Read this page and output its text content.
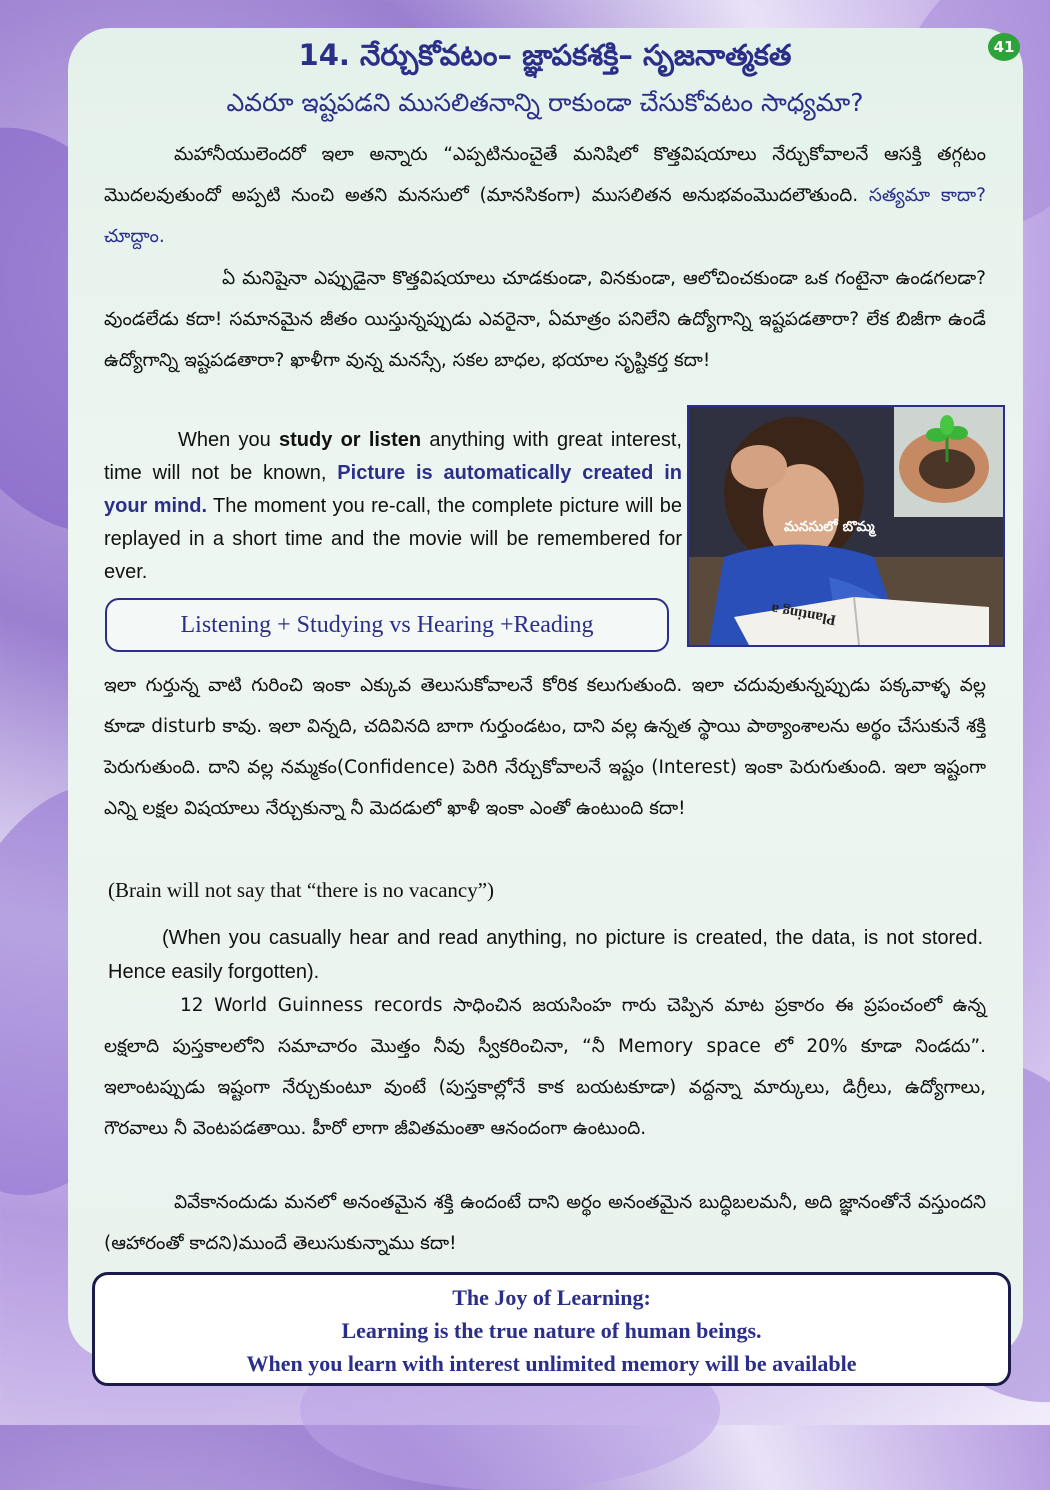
41
14. నేర్చుకోవటం– జ్ఞాపకశక్తి– సృజనాత్మకత
ఎవరూ ఇష్టపడని ముసలితనాన్ని రాకుండా చేసుకోవటం సాధ్యమా?

మహానీయులెందరో ఇలా అన్నారు “ఎప్పటినుంచైతే మనిషిలో కొత్తవిషయాలు నేర్చుకోవాలనే ఆసక్తి తగ్గటం మొదలవుతుందో అప్పటి నుంచి అతని మనసులో (మానసికంగా) ముసలితన అనుభవంమొదలౌతుంది. సత్యమా కాదా? చూద్దాం.

ఏ మనిషైనా ఎప్పుడైనా కొత్తవిషయాలు చూడకుండా, వినకుండా, ఆలోచించకుండా ఒక గంటైనా ఉండగలడా? వుండలేడు కదా! సమానమైన జీతం యిస్తున్నప్పుడు ఎవరైనా, ఏమాత్రం పనిలేని ఉద్యోగాన్ని ఇష్టపడతారా? లేక బిజీగా ఉండే ఉద్యోగాన్ని ఇష్టపడతారా? ఖాళీగా వున్న మనస్సే, సకల బాధల, భయాల సృష్టికర్త కదా!

When you study or listen anything with great interest, time will not be known, Picture is automatically created in your mind. The moment you re-call, the complete picture will be replayed in a short time and the movie will be remembered for ever.

మనసులో బొమ్మ
Planting a
Listening + Studying vs Hearing +Reading

ఇలా గుర్తున్న వాటి గురించి ఇంకా ఎక్కువ తెలుసుకోవాలనే కోరిక కలుగుతుంది. ఇలా చదువుతున్నప్పుడు పక్కవాళ్ళ వల్ల కూడా disturb కావు. ఇలా విన్నది, చదివినది బాగా గుర్తుండటం, దాని వల్ల ఉన్నత స్థాయి పాఠ్యాంశాలను అర్థం చేసుకునే శక్తి పెరుగుతుంది. దాని వల్ల నమ్మకం(Confidence) పెరిగి నేర్చుకోవాలనే ఇష్టం (Interest) ఇంకా పెరుగుతుంది. ఇలా ఇష్టంగా ఎన్ని లక్షల విషయాలు నేర్చుకున్నా నీ మెదడులో ఖాళీ ఇంకా ఎంతో ఉంటుంది కదా!

(Brain will not say that “there is no vacancy”)
(When you casually hear and read anything, no picture is created, the data, is not stored. Hence easily forgotten).

12 World Guinness records సాధించిన జయసింహ గారు చెప్పిన మాట ప్రకారం ఈ ప్రపంచంలో ఉన్న లక్షలాది పుస్తకాలలోని సమాచారం మొత్తం నీవు స్వీకరించినా, “నీ Memory space లో 20% కూడా నిండదు”. ఇలాంటప్పుడు ఇష్టంగా నేర్చుకుంటూ వుంటే (పుస్తకాల్లోనే కాక బయటకూడా) వద్దన్నా మార్కులు, డిగ్రీలు, ఉద్యోగాలు, గౌరవాలు నీ వెంటపడతాయి. హీరో లాగా జీవితమంతా ఆనందంగా ఉంటుంది.

వివేకానందుడు మనలో అనంతమైన శక్తి ఉందంటే దాని అర్థం అనంతమైన బుద్ధిబలమనీ, అది జ్ఞానంతోనే వస్తుందని (ఆహారంతో కాదని)ముందే తెలుసుకున్నాము కదా!

The Joy of Learning:
Learning is the true nature of human beings.
When you learn with interest unlimited memory will be available
